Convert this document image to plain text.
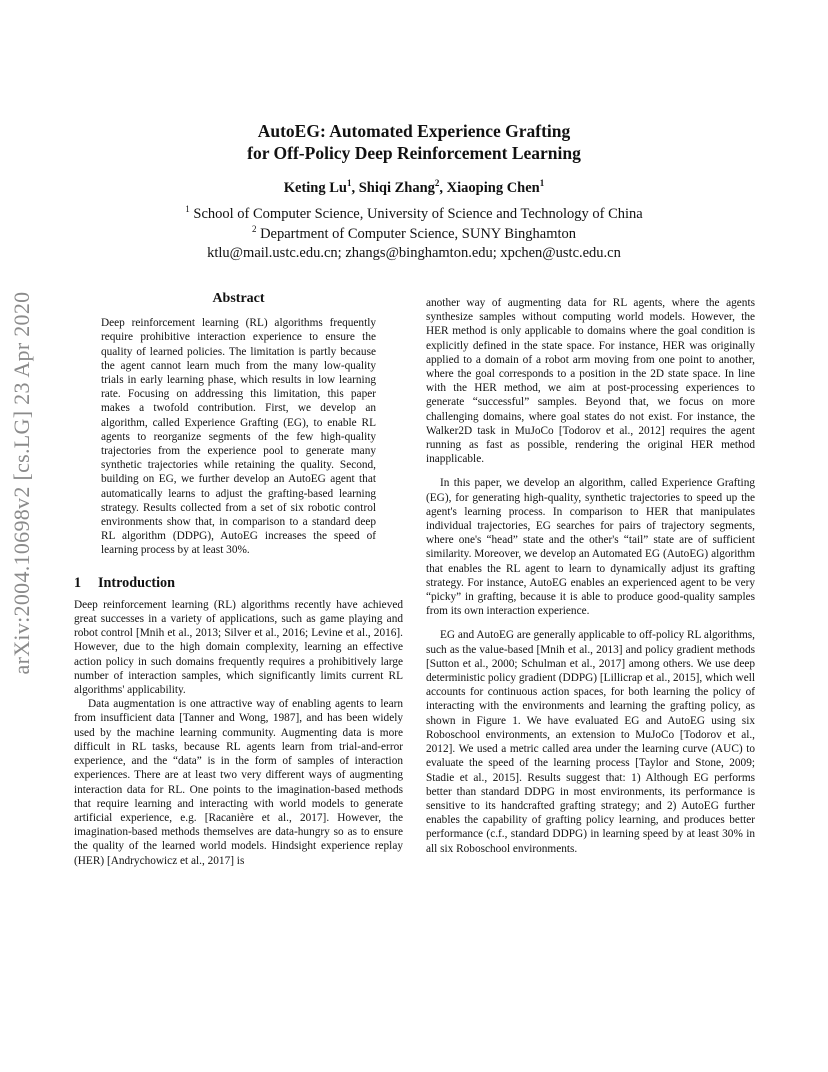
AutoEG: Automated Experience Grafting
for Off-Policy Deep Reinforcement Learning
Keting Lu$^1$, Shiqi Zhang$^2$, Xiaoping Chen$^1$
$^1$ School of Computer Science, University of Science and Technology of China
$^2$ Department of Computer Science, SUNY Binghamton
ktlu@mail.ustc.edu.cn; zhangs@binghamton.edu; xpchen@ustc.edu.cn
arXiv:2004.10698v2 [cs.LG] 23 Apr 2020	Abstract

Deep reinforcement learning (RL) algorithms frequently require prohibitive interaction experience to ensure the quality of learned policies. The limitation is partly because the agent cannot learn much from the many low-quality trials in early learning phase, which results in low learning rate. Focusing on addressing this limitation, this paper makes a twofold contribution. First, we develop an algorithm, called Experience Grafting (EG), to enable RL agents to reorganize segments of the few high-quality trajectories from the experience pool to generate many synthetic trajectories while retaining the quality. Second, building on EG, we further develop an AutoEG agent that automatically learns to adjust the grafting-based learning strategy. Results collected from a set of six robotic control environments show that, in comparison to a standard deep RL algorithm (DDPG), AutoEG increases the speed of learning process by at least 30%.

1 Introduction

Deep reinforcement learning (RL) algorithms recently have achieved great successes in a variety of applications, such as game playing and robot control [Mnih et al., 2013; Silver et al., 2016; Levine et al., 2016]. However, due to the high domain complexity, learning an effective action policy in such domains frequently requires a prohibitively large number of interaction samples, which significantly limits current RL algorithms' applicability.

Data augmentation is one attractive way of enabling agents to learn from insufficient data [Tanner and Wong, 1987], and has been widely used by the machine learning community. Augmenting data is more difficult in RL tasks, because RL agents learn from trial-and-error experience, and the “data” is in the form of samples of interaction experiences. There are at least two very different ways of augmenting interaction data for RL. One points to the imagination-based methods that require learning and interacting with world models to generate artificial experience, e.g. [Racanière et al., 2017]. However, the imagination-based methods themselves are data-hungry so as to ensure the quality of the learned world models. Hindsight experience replay (HER) [Andrychowicz et al., 2017] is

another way of augmenting data for RL agents, where the agents synthesize samples without computing world models. However, the HER method is only applicable to domains where the goal condition is explicitly defined in the state space. For instance, HER was originally applied to a domain of a robot arm moving from one point to another, where the goal corresponds to a position in the 2D state space. In line with the HER method, we aim at post-processing experiences to generate “successful” samples. Beyond that, we focus on more challenging domains, where goal states do not exist. For instance, the Walker2D task in MuJoCo [Todorov et al., 2012] requires the agent running as fast as possible, rendering the original HER method inapplicable.

In this paper, we develop an algorithm, called Experience Grafting (EG), for generating high-quality, synthetic trajectories to speed up the agent's learning process. In comparison to HER that manipulates individual trajectories, EG searches for pairs of trajectory segments, where one's “head” state and the other's “tail” state are of sufficient similarity. Moreover, we develop an Automated EG (AutoEG) algorithm that enables the RL agent to learn to dynamically adjust its grafting strategy. For instance, AutoEG enables an experienced agent to be very “picky” in grafting, because it is able to produce good-quality samples from its own interaction experience.

EG and AutoEG are generally applicable to off-policy RL algorithms, such as the value-based [Mnih et al., 2013] and policy gradient methods [Sutton et al., 2000; Schulman et al., 2017] among others. We use deep deterministic policy gradient (DDPG) [Lillicrap et al., 2015], which well accounts for continuous action spaces, for both learning the policy of interacting with the environments and learning the grafting policy, as shown in Figure 1. We have evaluated EG and AutoEG using six Roboschool environments, an extension to MuJoCo [Todorov et al., 2012]. We used a metric called area under the learning curve (AUC) to evaluate the speed of the learning process [Taylor and Stone, 2009; Stadie et al., 2015]. Results suggest that: 1) Although EG performs better than standard DDPG in most environments, its performance is sensitive to its handcrafted grafting strategy; and 2) AutoEG further enables the capability of grafting policy learning, and produces better performance (c.f., standard DDPG) in learning speed by at least 30% in all six Roboschool environments.
